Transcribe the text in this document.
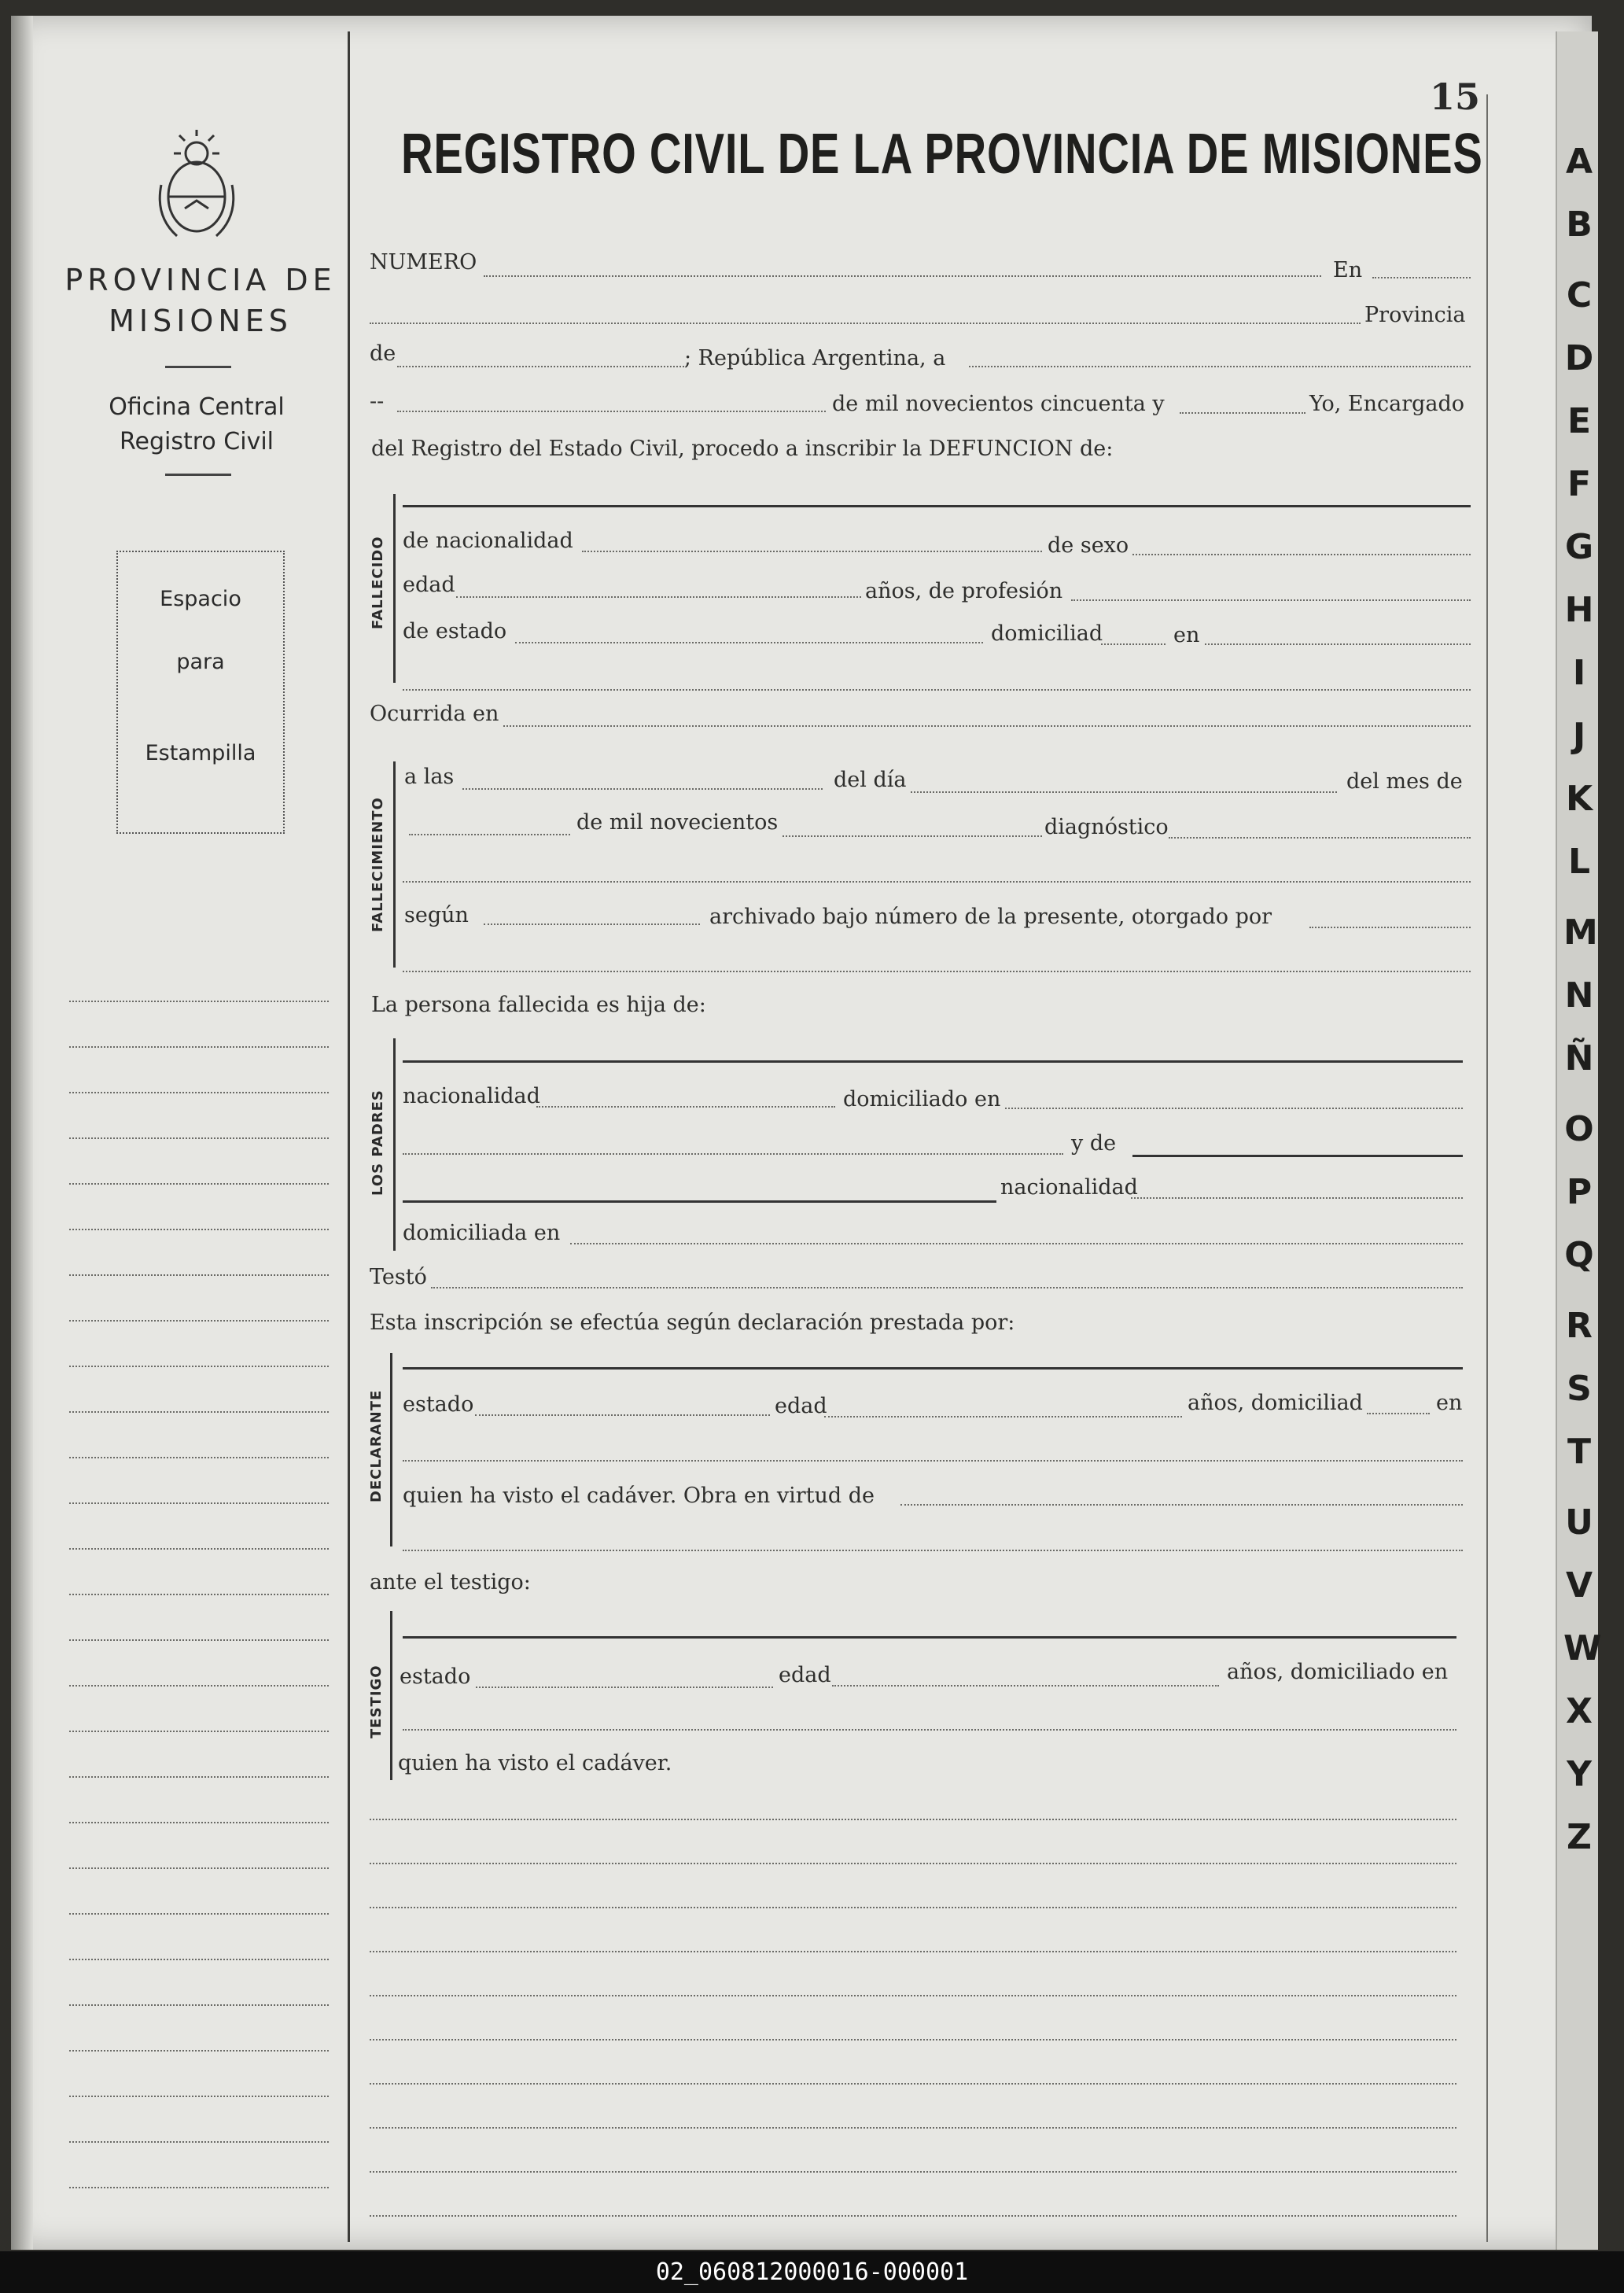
A
B
C
D
E
F
G
H
I
J
K
L
M
N
Ñ
O
P
Q
R
S
T
U
V
W
X
Y
Z
15
REGISTRO CIVIL DE LA PROVINCIA DE MISIONES
PROVINCIA DE
MISIONES
Oficina Central
Registro Civil
Espacio
para
Estampilla
NUMERO	En
Provincia
de	; República Argentina, a
--	de mil novecientos cincuenta y	Yo, Encargado
del Registro del Estado Civil, procedo a inscribir la DEFUNCION de:
FALLECIDO de nacionalidad	de sexo
edad	años, de profesión
de estado	domiciliad	en
Ocurrida en
FALLECIMIENTO
a las	del día	del mes de
de mil novecientos	diagnóstico
según	archivado bajo número de la presente, otorgado por
La persona fallecida es hija de:
LOS PADRES nacionalidad	domiciliado en
y de
nacionalidad
domiciliada en
Testó
Esta inscripción se efectúa según declaración prestada por:
DECLARANTE estado	edad	años, domiciliad	en
quien ha visto el cadáver. Obra en virtud de
ante el testigo:
TESTIGO estado	edad	años, domiciliado en
quien ha visto el cadáver.
02_060812000016-000001
